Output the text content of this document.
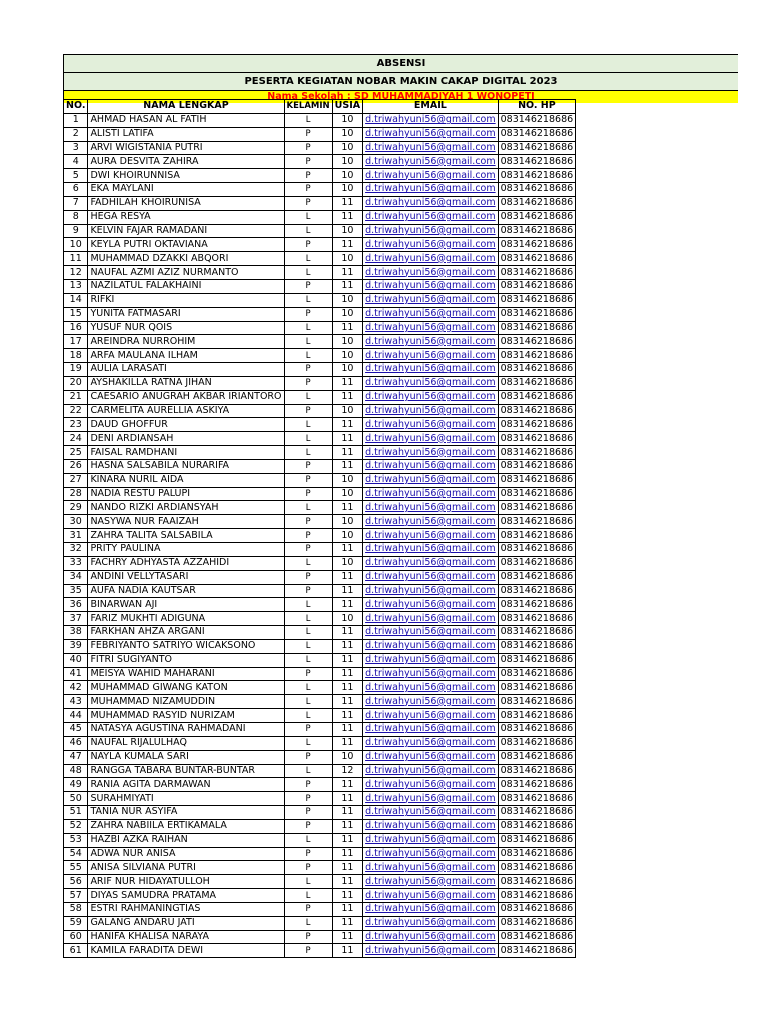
ABSENSI
PESERTA KEGIATAN NOBAR MAKIN CAKAP DIGITAL 2023
Nama Sekolah : SD MUHAMMADIYAH 1 WONOPETI
NO.	NAMA LENGKAP	KELAMIN	USIA	EMAIL	NO. HP
1	AHMAD HASAN AL FATIH	L	10	d.triwahyuni56@gmail.com	083146218686
2	ALISTI LATIFA	P	10	d.triwahyuni56@gmail.com	083146218686
3	ARVI WIGISTANIA PUTRI	P	10	d.triwahyuni56@gmail.com	083146218686
4	AURA DESVITA ZAHIRA	P	10	d.triwahyuni56@gmail.com	083146218686
5	DWI KHOIRUNNISA	P	10	d.triwahyuni56@gmail.com	083146218686
6	EKA MAYLANI	P	10	d.triwahyuni56@gmail.com	083146218686
7	FADHILAH KHOIRUNISA	P	11	d.triwahyuni56@gmail.com	083146218686
8	HEGA RESYA	L	11	d.triwahyuni56@gmail.com	083146218686
9	KELVIN FAJAR RAMADANI	L	10	d.triwahyuni56@gmail.com	083146218686
10	KEYLA PUTRI OKTAVIANA	P	11	d.triwahyuni56@gmail.com	083146218686
11	MUHAMMAD DZAKKI ABQORI	L	10	d.triwahyuni56@gmail.com	083146218686
12	NAUFAL AZMI AZIZ NURMANTO	L	11	d.triwahyuni56@gmail.com	083146218686
13	NAZILATUL FALAKHAINI	P	11	d.triwahyuni56@gmail.com	083146218686
14	RIFKI	L	10	d.triwahyuni56@gmail.com	083146218686
15	YUNITA FATMASARI	P	10	d.triwahyuni56@gmail.com	083146218686
16	YUSUF NUR QOIS	L	11	d.triwahyuni56@gmail.com	083146218686
17	AREINDRA NURROHIM	L	10	d.triwahyuni56@gmail.com	083146218686
18	ARFA MAULANA ILHAM	L	10	d.triwahyuni56@gmail.com	083146218686
19	AULIA LARASATI	P	10	d.triwahyuni56@gmail.com	083146218686
20	AYSHAKILLA RATNA JIHAN	P	11	d.triwahyuni56@gmail.com	083146218686
21	CAESARIO ANUGRAH AKBAR IRIANTORO	L	11	d.triwahyuni56@gmail.com	083146218686
22	CARMELITA AURELLIA ASKIYA	P	10	d.triwahyuni56@gmail.com	083146218686
23	DAUD GHOFFUR	L	11	d.triwahyuni56@gmail.com	083146218686
24	DENI ARDIANSAH	L	11	d.triwahyuni56@gmail.com	083146218686
25	FAISAL RAMDHANI	L	11	d.triwahyuni56@gmail.com	083146218686
26	HASNA SALSABILA NURARIFA	P	11	d.triwahyuni56@gmail.com	083146218686
27	KINARA NURIL AIDA	P	10	d.triwahyuni56@gmail.com	083146218686
28	NADIA RESTU PALUPI	P	10	d.triwahyuni56@gmail.com	083146218686
29	NANDO RIZKI ARDIANSYAH	L	11	d.triwahyuni56@gmail.com	083146218686
30	NASYWA NUR FAAIZAH	P	10	d.triwahyuni56@gmail.com	083146218686
31	ZAHRA TALITA SALSABILA	P	10	d.triwahyuni56@gmail.com	083146218686
32	PRITY PAULINA	P	11	d.triwahyuni56@gmail.com	083146218686
33	FACHRY ADHYASTA AZZAHIDI	L	10	d.triwahyuni56@gmail.com	083146218686
34	ANDINI VELLYTASARI	P	11	d.triwahyuni56@gmail.com	083146218686
35	AUFA NADIA KAUTSAR	P	11	d.triwahyuni56@gmail.com	083146218686
36	BINARWAN AJI	L	11	d.triwahyuni56@gmail.com	083146218686
37	FARIZ MUKHTI ADIGUNA	L	10	d.triwahyuni56@gmail.com	083146218686
38	FARKHAN AHZA ARGANI	L	11	d.triwahyuni56@gmail.com	083146218686
39	FEBRIYANTO SATRIYO WICAKSONO	L	11	d.triwahyuni56@gmail.com	083146218686
40	FITRI SUGIYANTO	L	11	d.triwahyuni56@gmail.com	083146218686
41	MEISYA WAHID MAHARANI	P	11	d.triwahyuni56@gmail.com	083146218686
42	MUHAMMAD GIWANG KATON	L	11	d.triwahyuni56@gmail.com	083146218686
43	MUHAMMAD NIZAMUDDIN	L	11	d.triwahyuni56@gmail.com	083146218686
44	MUHAMMAD RASYID NURIZAM	L	11	d.triwahyuni56@gmail.com	083146218686
45	NATASYA AGUSTINA RAHMADANI	P	11	d.triwahyuni56@gmail.com	083146218686
46	NAUFAL RIJALULHAQ	L	11	d.triwahyuni56@gmail.com	083146218686
47	NAYLA KUMALA SARI	P	10	d.triwahyuni56@gmail.com	083146218686
48	RANGGA TABARA BUNTAR-BUNTAR	L	12	d.triwahyuni56@gmail.com	083146218686
49	RANIA AGITA DARMAWAN	P	11	d.triwahyuni56@gmail.com	083146218686
50	SURAHMIYATI	P	11	d.triwahyuni56@gmail.com	083146218686
51	TANIA NUR ASYIFA	P	11	d.triwahyuni56@gmail.com	083146218686
52	ZAHRA NABIILA ERTIKAMALA	P	11	d.triwahyuni56@gmail.com	083146218686
53	HAZBI AZKA RAIHAN	L	11	d.triwahyuni56@gmail.com	083146218686
54	ADWA NUR ANISA	P	11	d.triwahyuni56@gmail.com	083146218686
55	ANISA SILVIANA PUTRI	P	11	d.triwahyuni56@gmail.com	083146218686
56	ARIF NUR HIDAYATULLOH	L	11	d.triwahyuni56@gmail.com	083146218686
57	DIYAS SAMUDRA PRATAMA	L	11	d.triwahyuni56@gmail.com	083146218686
58	ESTRI RAHMANINGTIAS	P	11	d.triwahyuni56@gmail.com	083146218686
59	GALANG ANDARU JATI	L	11	d.triwahyuni56@gmail.com	083146218686
60	HANIFA KHALISA NARAYA	P	11	d.triwahyuni56@gmail.com	083146218686
61	KAMILA FARADITA DEWI	P	11	d.triwahyuni56@gmail.com	083146218686
